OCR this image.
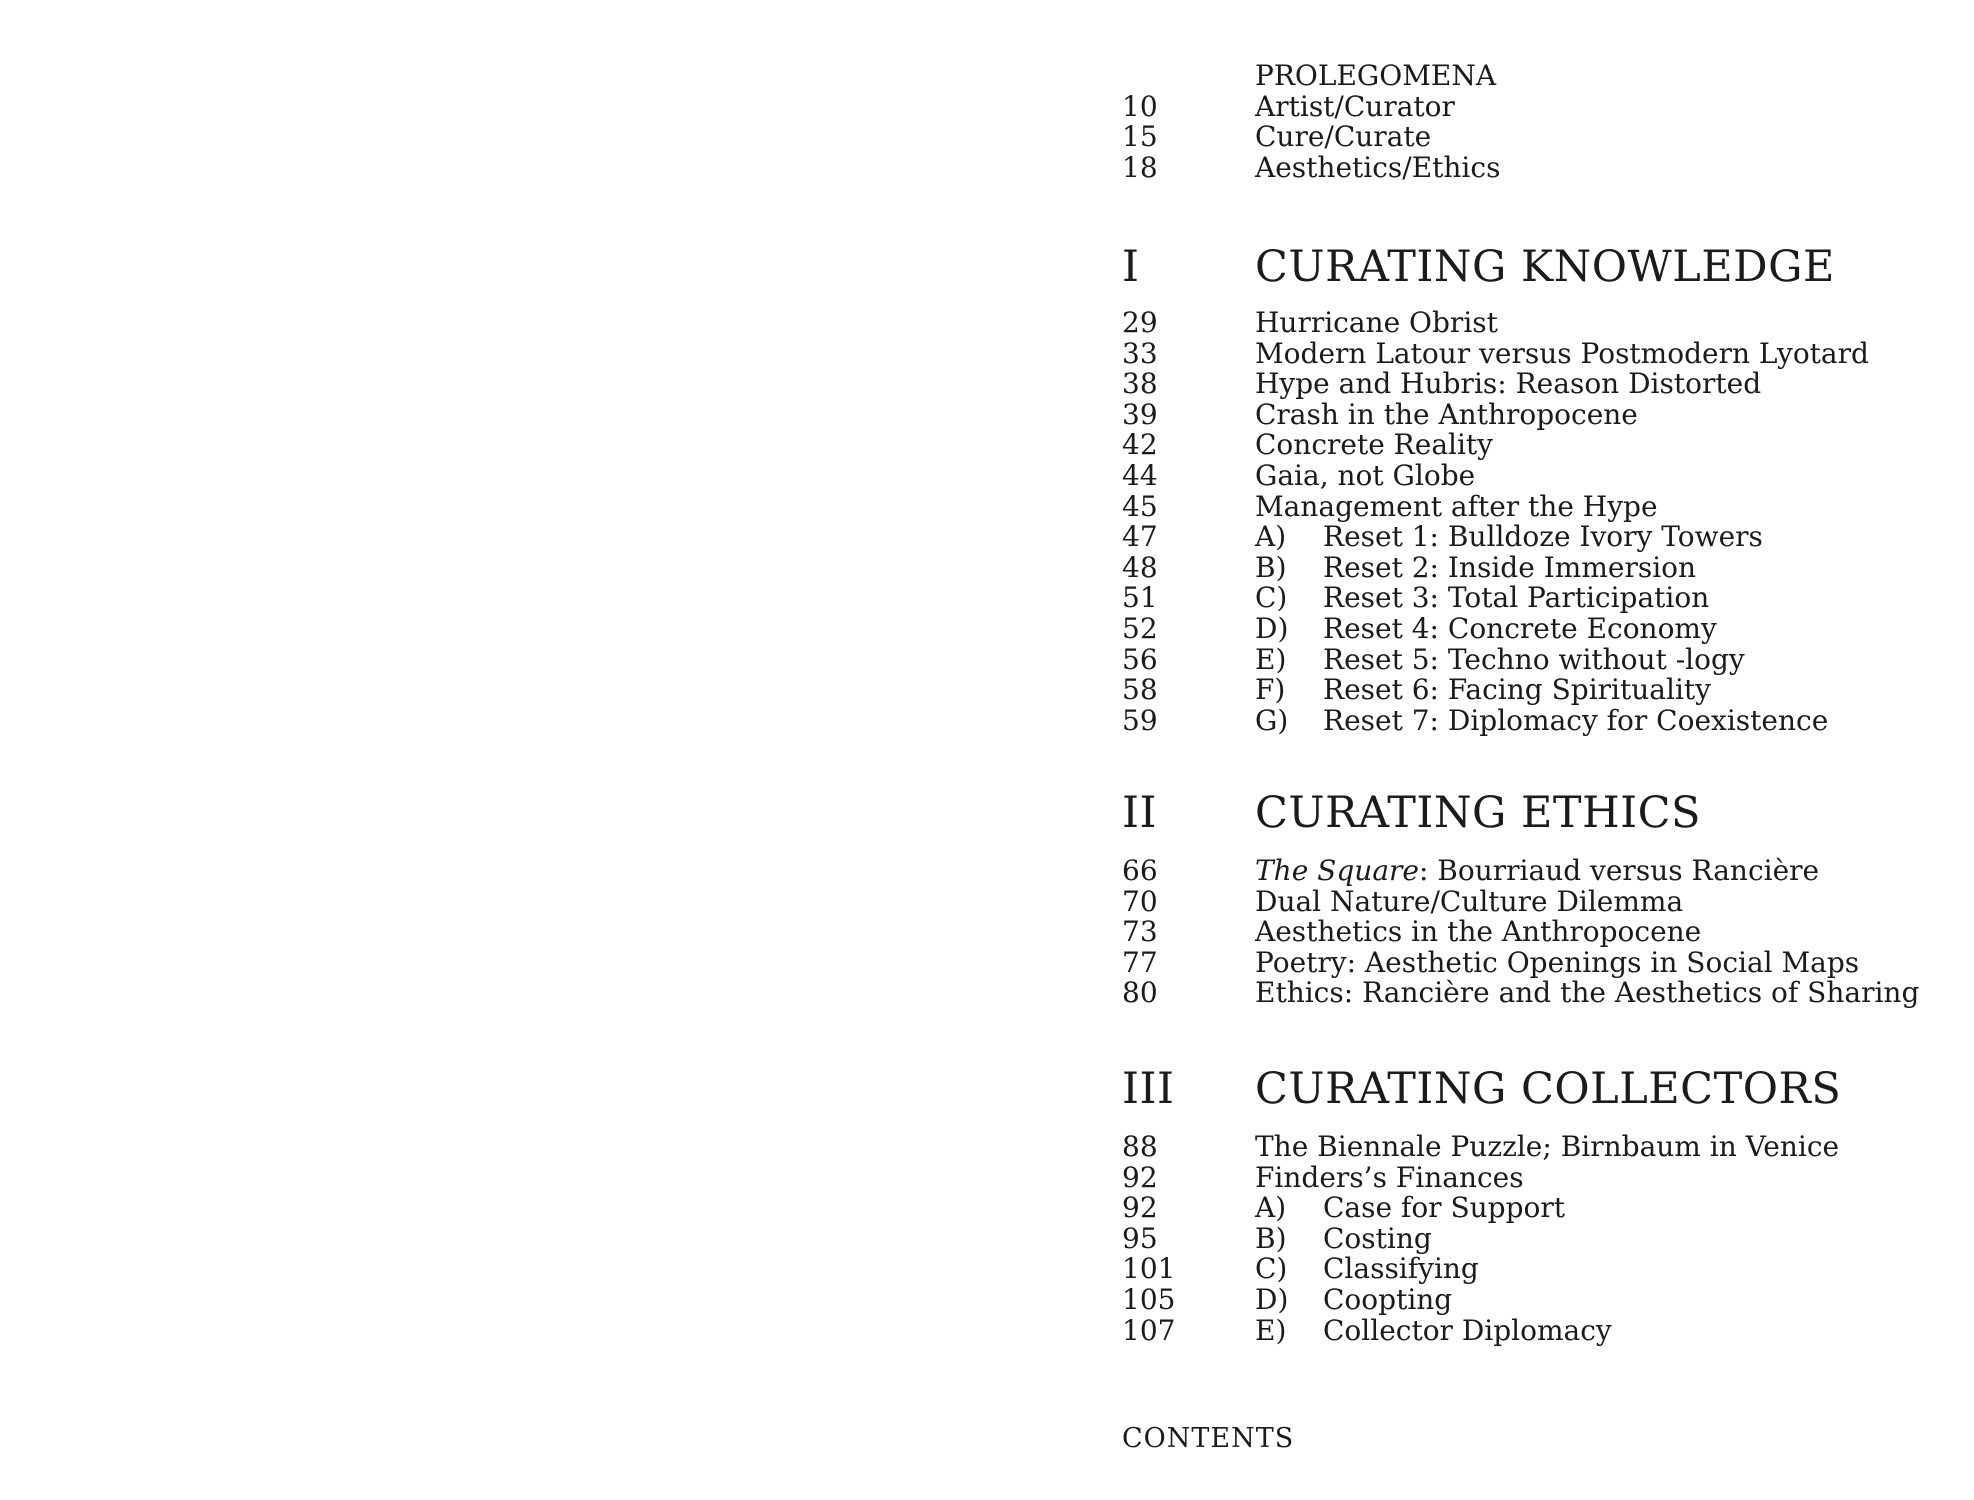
PROLEGOMENA
10	Artist/Curator
15	Cure/Curate
18	Aesthetics/Ethics
I	CURATING KNOWLEDGE
29	Hurricane Obrist
33	Modern Latour versus Postmodern Lyotard
38	Hype and Hubris: Reason Distorted
39	Crash in the Anthropocene
42	Concrete Reality
44	Gaia, not Globe
45	Management after the Hype
47	A)	Reset 1: Bulldoze Ivory Towers
48	B)	Reset 2: Inside Immersion
51	C)	Reset 3: Total Participation
52	D)	Reset 4: Concrete Economy
56	E)	Reset 5: Techno without -logy
58	F)	Reset 6: Facing Spirituality
59	G)	Reset 7: Diplomacy for Coexistence
II	CURATING ETHICS
66	The Square: Bourriaud versus Rancière
70	Dual Nature/Culture Dilemma
73	Aesthetics in the Anthropocene
77	Poetry: Aesthetic Openings in Social Maps
80	Ethics: Rancière and the Aesthetics of Sharing
III	CURATING COLLECTORS
88	The Biennale Puzzle; Birnbaum in Venice
92	Finders’s Finances
92	A)	Case for Support
95	B)	Costing
101	C)	Classifying
105	D)	Coopting
107	E)	Collector Diplomacy
CONTENTS
